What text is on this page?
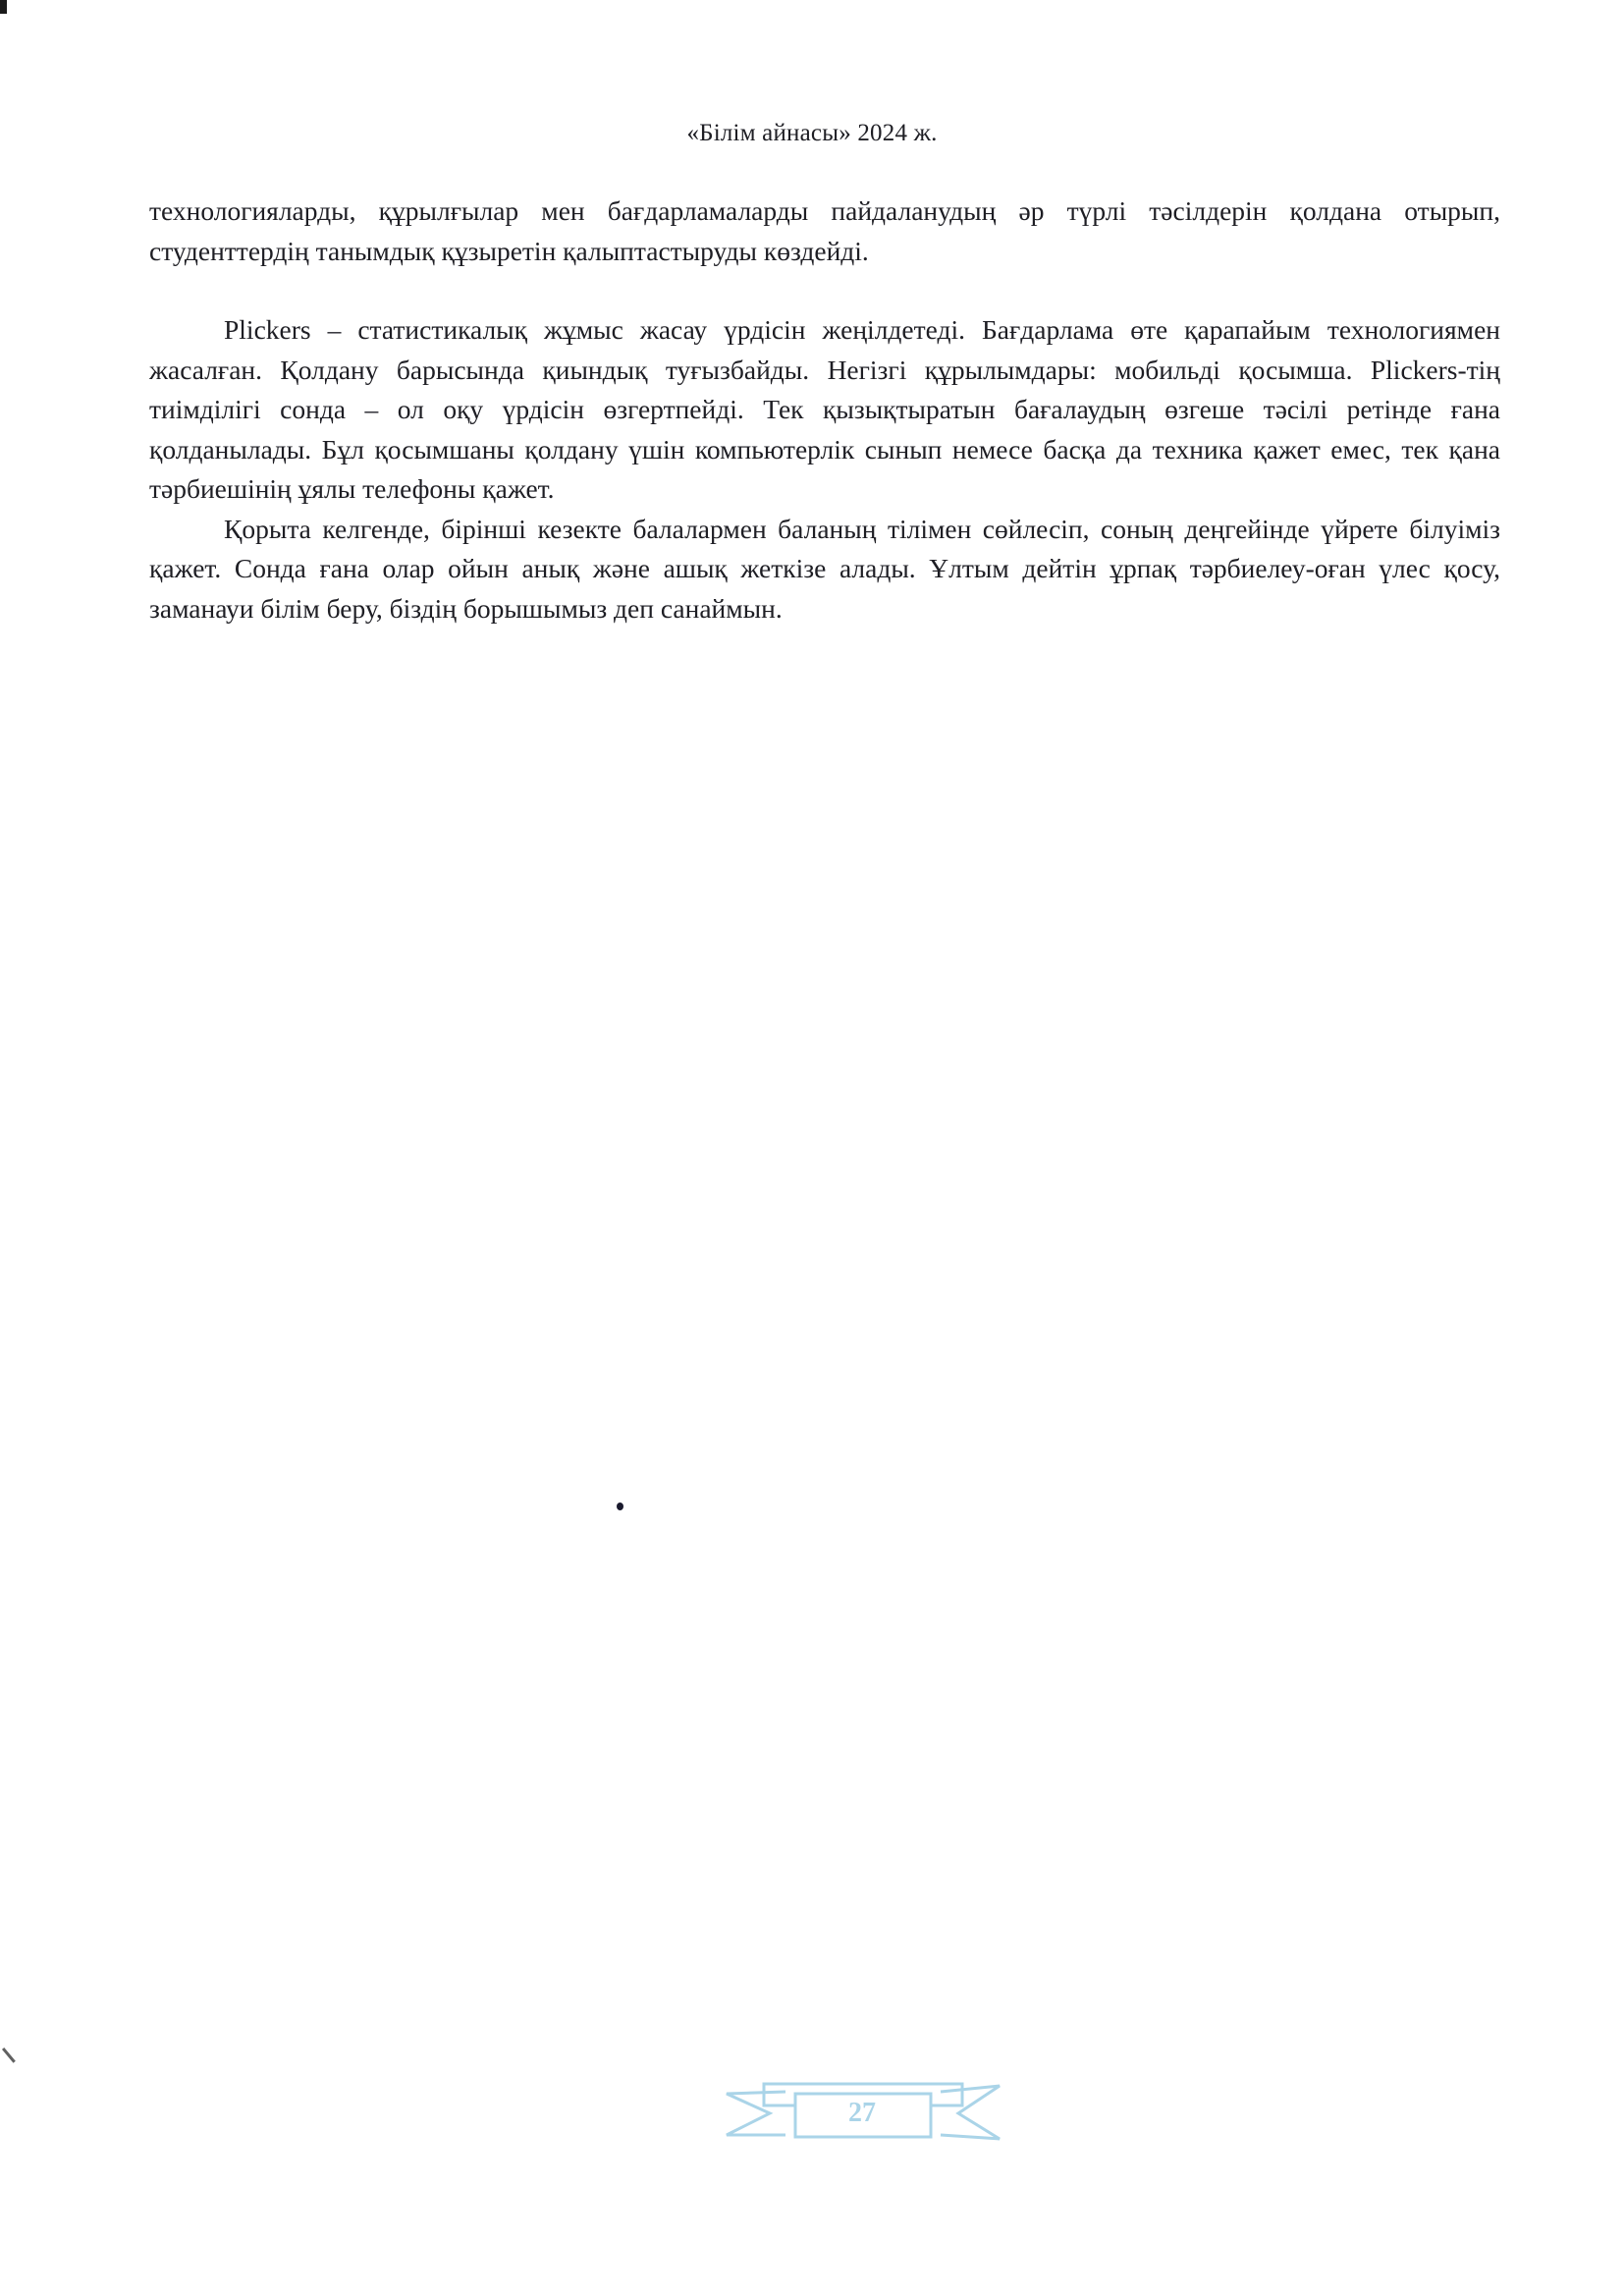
«Білім айнасы» 2024 ж.

технологияларды, құрылғылар мен бағдарламаларды пайдаланудың әр түрлі тәсілдерін қолдана отырып, студенттердің танымдық құзыретін қалыптастыруды көздейді.

Plickers – статистикалық жұмыс жасау үрдісін жеңілдетеді. Бағдарлама өте қарапайым технологиямен жасалған. Қолдану барысында қиындық туғызбайды. Негізгі құрылымдары: мобильді қосымша. Plickers-тің тиімділігі сонда – ол оқу үрдісін өзгертпейді. Тек қызықтыратын бағалаудың өзгеше тәсілі ретінде ғана қолданылады. Бұл қосымшаны қолдану үшін компьютерлік сынып немесе басқа да техника қажет емес, тек қана тәрбиешінің ұялы телефоны қажет.

Қорыта келгенде, бірінші кезекте балалармен баланың тілімен сөйлесіп, соның деңгейінде үйрете білуіміз қажет. Сонда ғана олар ойын анық және ашық жеткізе алады. Ұлтым дейтін ұрпақ тәрбиелеу-оған үлес қосу, заманауи білім беру, біздің борышымыз деп санаймын.

27
